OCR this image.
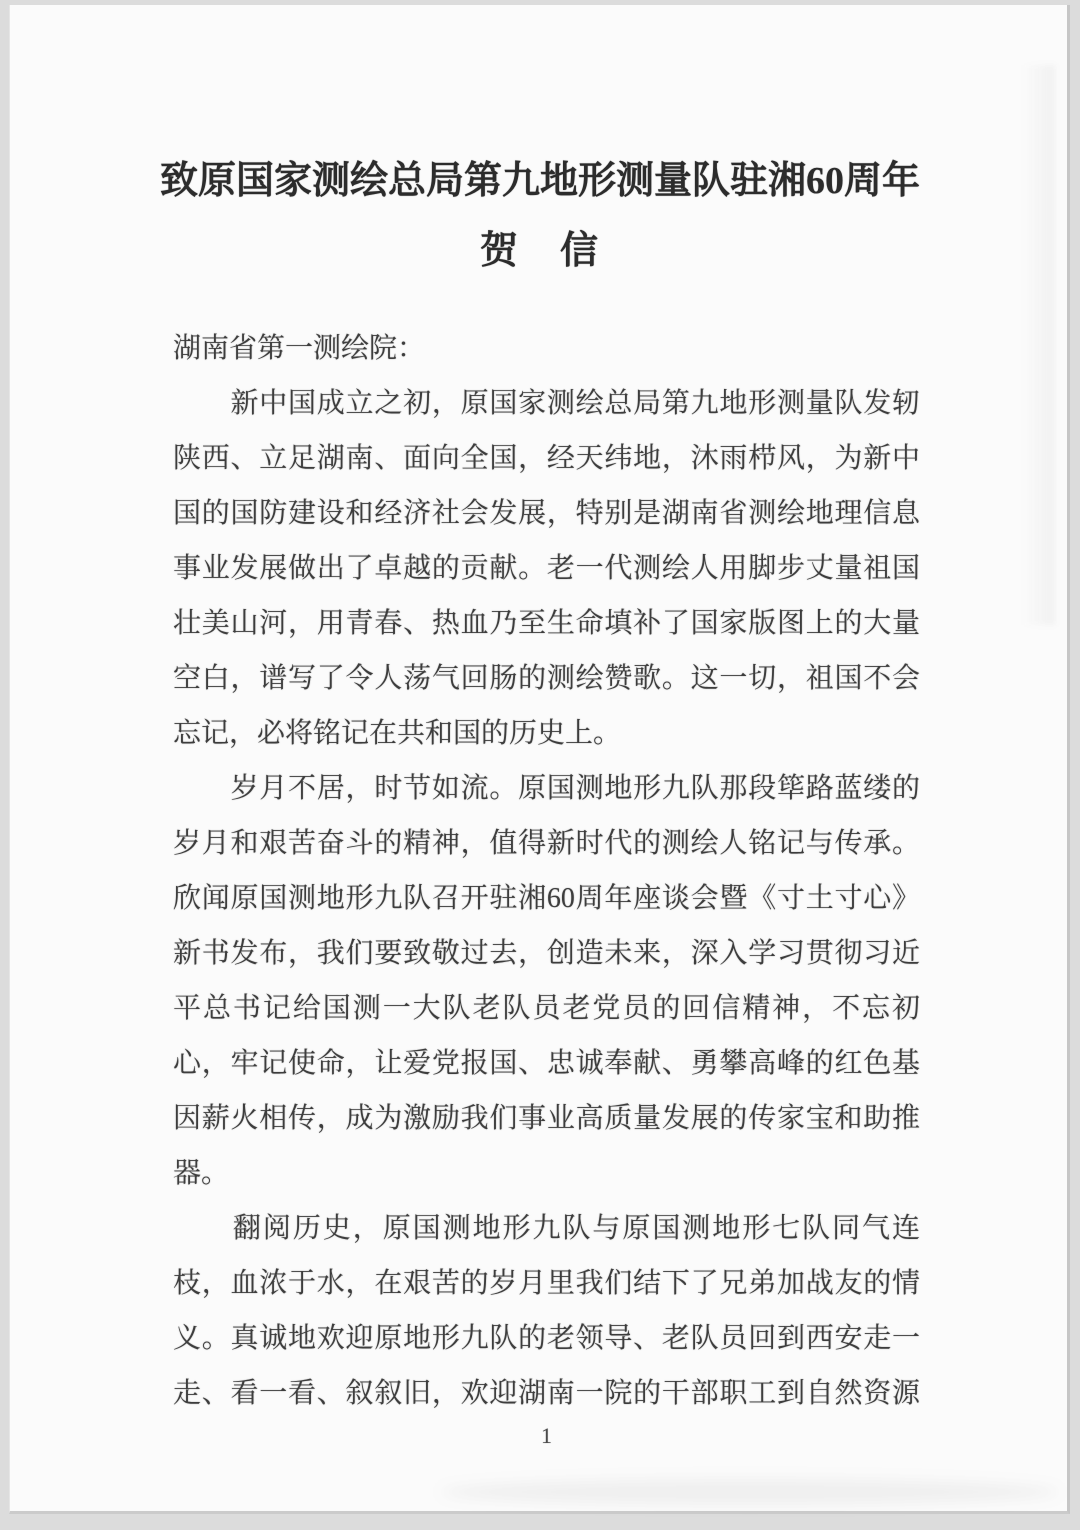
致原国家测绘总局第九地形测量队驻湘60周年
贺　信
湖南省第一测绘院：
　　新中国成立之初，原国家测绘总局第九地形测量队发轫
陕西、立足湖南、面向全国，经天纬地，沐雨栉风，为新中
国的国防建设和经济社会发展，特别是湖南省测绘地理信息
事业发展做出了卓越的贡献。老一代测绘人用脚步丈量祖国
壮美山河，用青春、热血乃至生命填补了国家版图上的大量
空白，谱写了令人荡气回肠的测绘赞歌。这一切，祖国不会
忘记，必将铭记在共和国的历史上。
　　岁月不居，时节如流。原国测地形九队那段筚路蓝缕的
岁月和艰苦奋斗的精神，值得新时代的测绘人铭记与传承。
欣闻原国测地形九队召开驻湘60周年座谈会暨《寸土寸心》
新书发布，我们要致敬过去，创造未来，深入学习贯彻习近
平总书记给国测一大队老队员老党员的回信精神，不忘初
心，牢记使命，让爱党报国、忠诚奉献、勇攀高峰的红色基
因薪火相传，成为激励我们事业高质量发展的传家宝和助推
器。
　　翻阅历史，原国测地形九队与原国测地形七队同气连
枝，血浓于水，在艰苦的岁月里我们结下了兄弟加战友的情
义。真诚地欢迎原地形九队的老领导、老队员回到西安走一
走、看一看、叙叙旧，欢迎湖南一院的干部职工到自然资源
1
